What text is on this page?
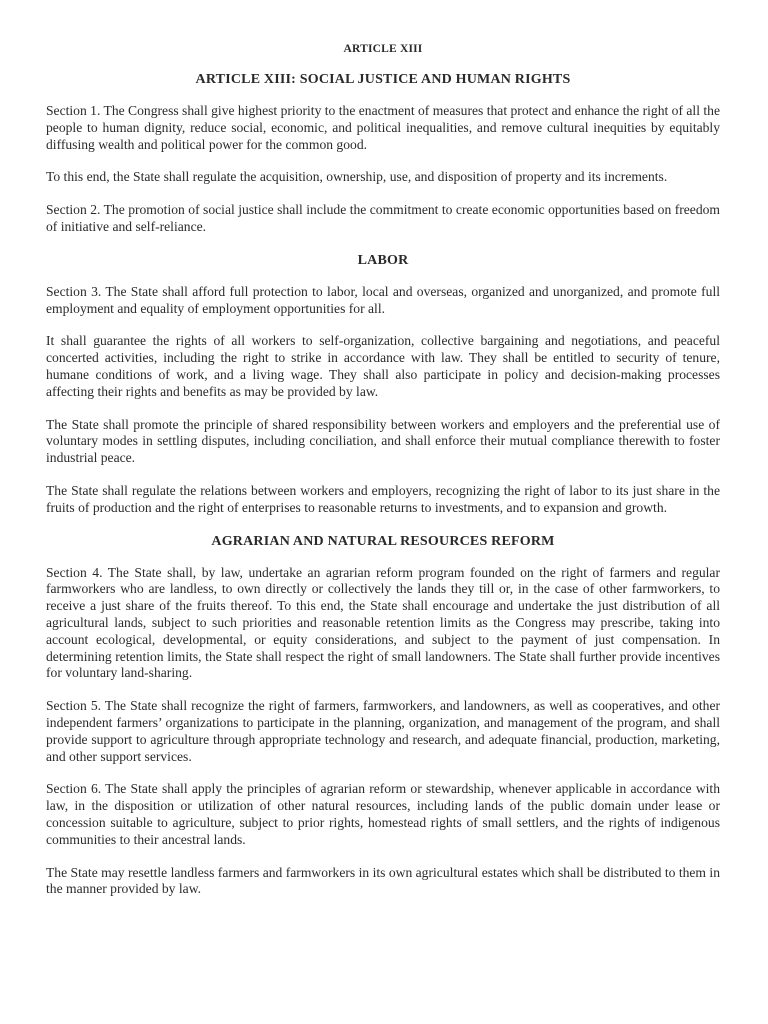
ARTICLE XIII
ARTICLE XIII: SOCIAL JUSTICE AND HUMAN RIGHTS

Section 1. The Congress shall give highest priority to the enactment of measures that protect and enhance the right of all the people to human dignity, reduce social, economic, and political inequalities, and remove cultural inequities by equitably diffusing wealth and political power for the common good.

To this end, the State shall regulate the acquisition, ownership, use, and disposition of property and its increments.

Section 2. The promotion of social justice shall include the commitment to create economic opportunities based on freedom of initiative and self-reliance.

LABOR

Section 3. The State shall afford full protection to labor, local and overseas, organized and unorganized, and promote full employment and equality of employment opportunities for all.

It shall guarantee the rights of all workers to self-organization, collective bargaining and negotiations, and peaceful concerted activities, including the right to strike in accordance with law. They shall be entitled to security of tenure, humane conditions of work, and a living wage. They shall also participate in policy and decision-making processes affecting their rights and benefits as may be provided by law.

The State shall promote the principle of shared responsibility between workers and employers and the preferential use of voluntary modes in settling disputes, including conciliation, and shall enforce their mutual compliance therewith to foster industrial peace.

The State shall regulate the relations between workers and employers, recognizing the right of labor to its just share in the fruits of production and the right of enterprises to reasonable returns to investments, and to expansion and growth.

AGRARIAN AND NATURAL RESOURCES REFORM

Section 4. The State shall, by law, undertake an agrarian reform program founded on the right of farmers and regular farmworkers who are landless, to own directly or collectively the lands they till or, in the case of other farmworkers, to receive a just share of the fruits thereof. To this end, the State shall encourage and undertake the just distribution of all agricultural lands, subject to such priorities and reasonable retention limits as the Congress may prescribe, taking into account ecological, developmental, or equity considerations, and subject to the payment of just compensation. In determining retention limits, the State shall respect the right of small landowners. The State shall further provide incentives for voluntary land-sharing.

Section 5. The State shall recognize the right of farmers, farmworkers, and landowners, as well as cooperatives, and other independent farmers’ organizations to participate in the planning, organization, and management of the program, and shall provide support to agriculture through appropriate technology and research, and adequate financial, production, marketing, and other support services.

Section 6. The State shall apply the principles of agrarian reform or stewardship, whenever applicable in accordance with law, in the disposition or utilization of other natural resources, including lands of the public domain under lease or concession suitable to agriculture, subject to prior rights, homestead rights of small settlers, and the rights of indigenous communities to their ancestral lands.

The State may resettle landless farmers and farmworkers in its own agricultural estates which shall be distributed to them in the manner provided by law.
